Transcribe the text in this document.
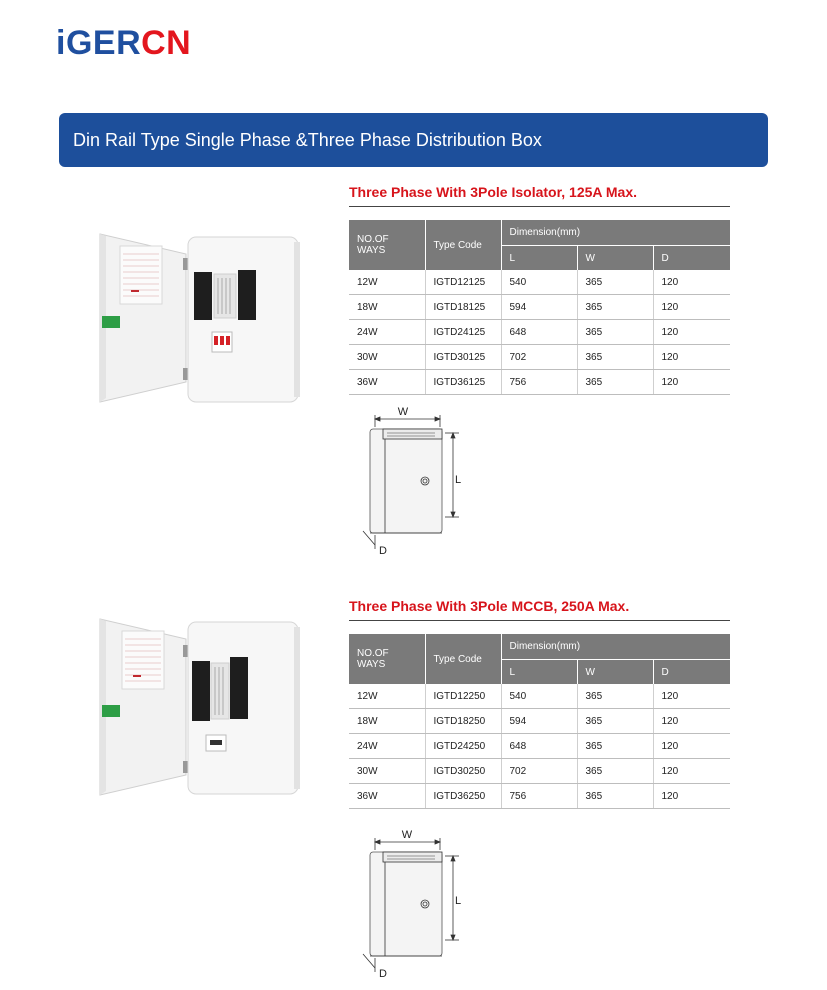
iGERCN
Din Rail Type Single Phase &Three Phase Distribution Box
Three Phase With 3Pole Isolator, 125A Max.
NO.OF WAYS	Type Code	Dimension(mm)		
		L	W	D
12W	IGTD12125	540	365	120
18W	IGTD18125	594	365	120
24W	IGTD24125	648	365	120
30W	IGTD30125	702	365	120
36W	IGTD36125	756	365	120
W
L
D
Three Phase With 3Pole MCCB, 250A Max.
NO.OF WAYS	Type Code	Dimension(mm)		
		L	W	D
12W	IGTD12250	540	365	120
18W	IGTD18250	594	365	120
24W	IGTD24250	648	365	120
30W	IGTD30250	702	365	120
36W	IGTD36250	756	365	120
W
L
D
